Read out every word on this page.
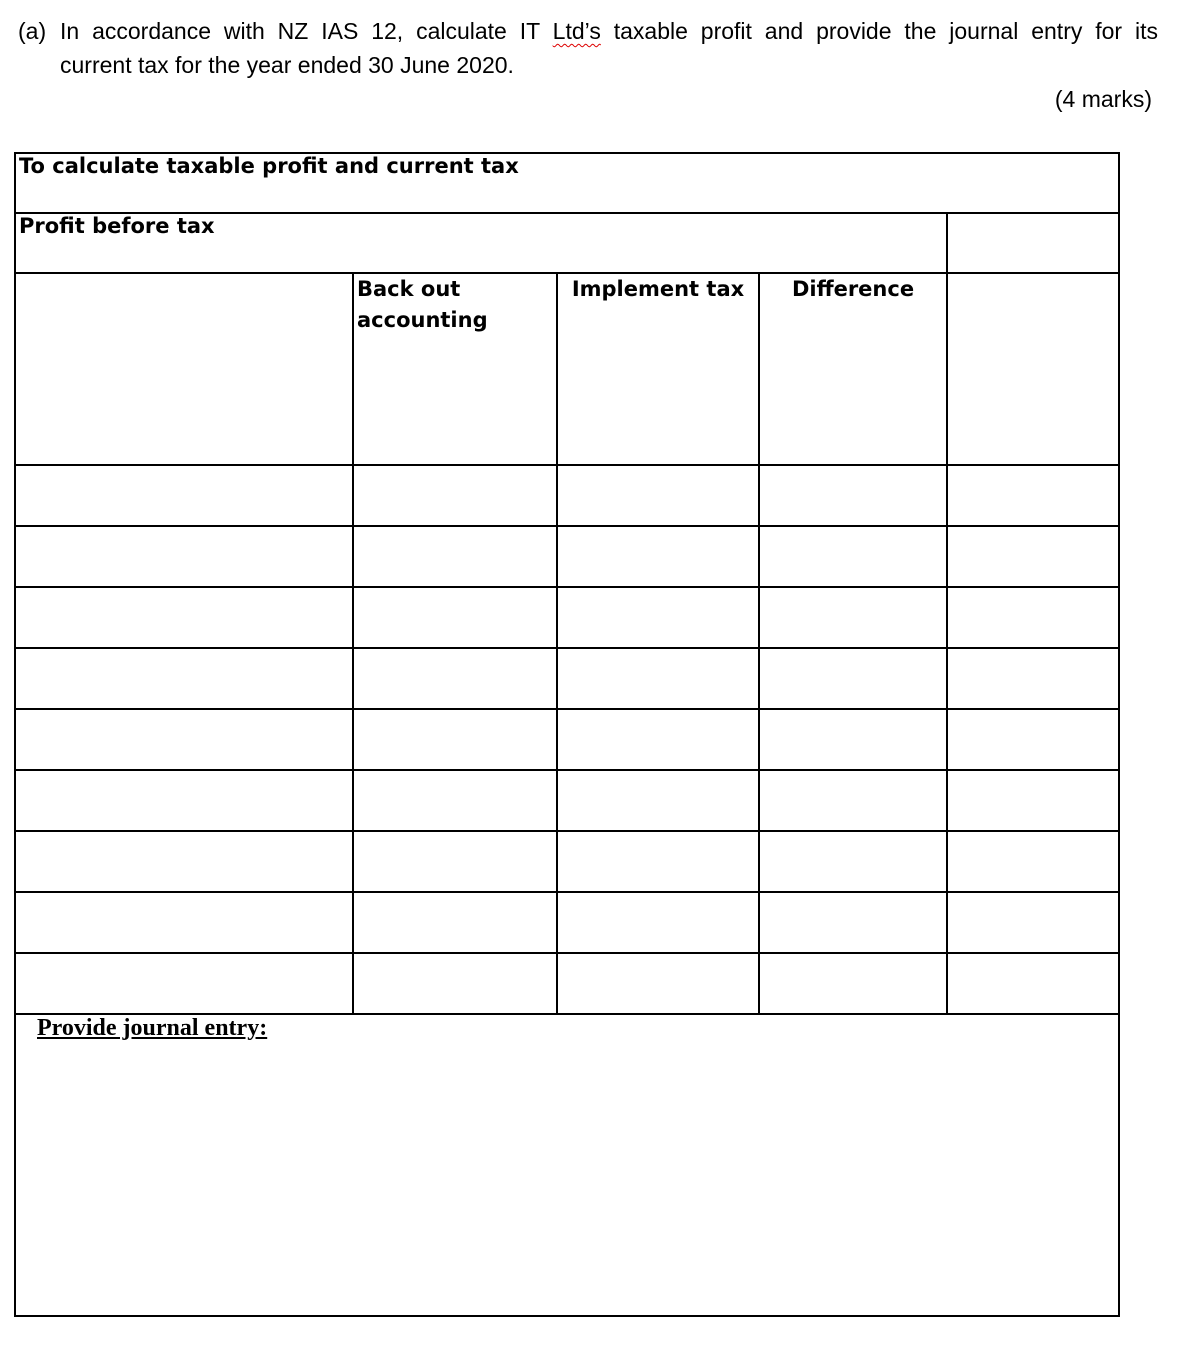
(a) In accordance with NZ IAS 12, calculate IT Ltd’s taxable profit and provide the journal entry for its
current tax for the year ended 30 June 2020.
(4 marks)
To calculate taxable profit and current tax				
Profit before tax				
	Back out accounting	Implement tax	Difference	

Provide journal entry:				
